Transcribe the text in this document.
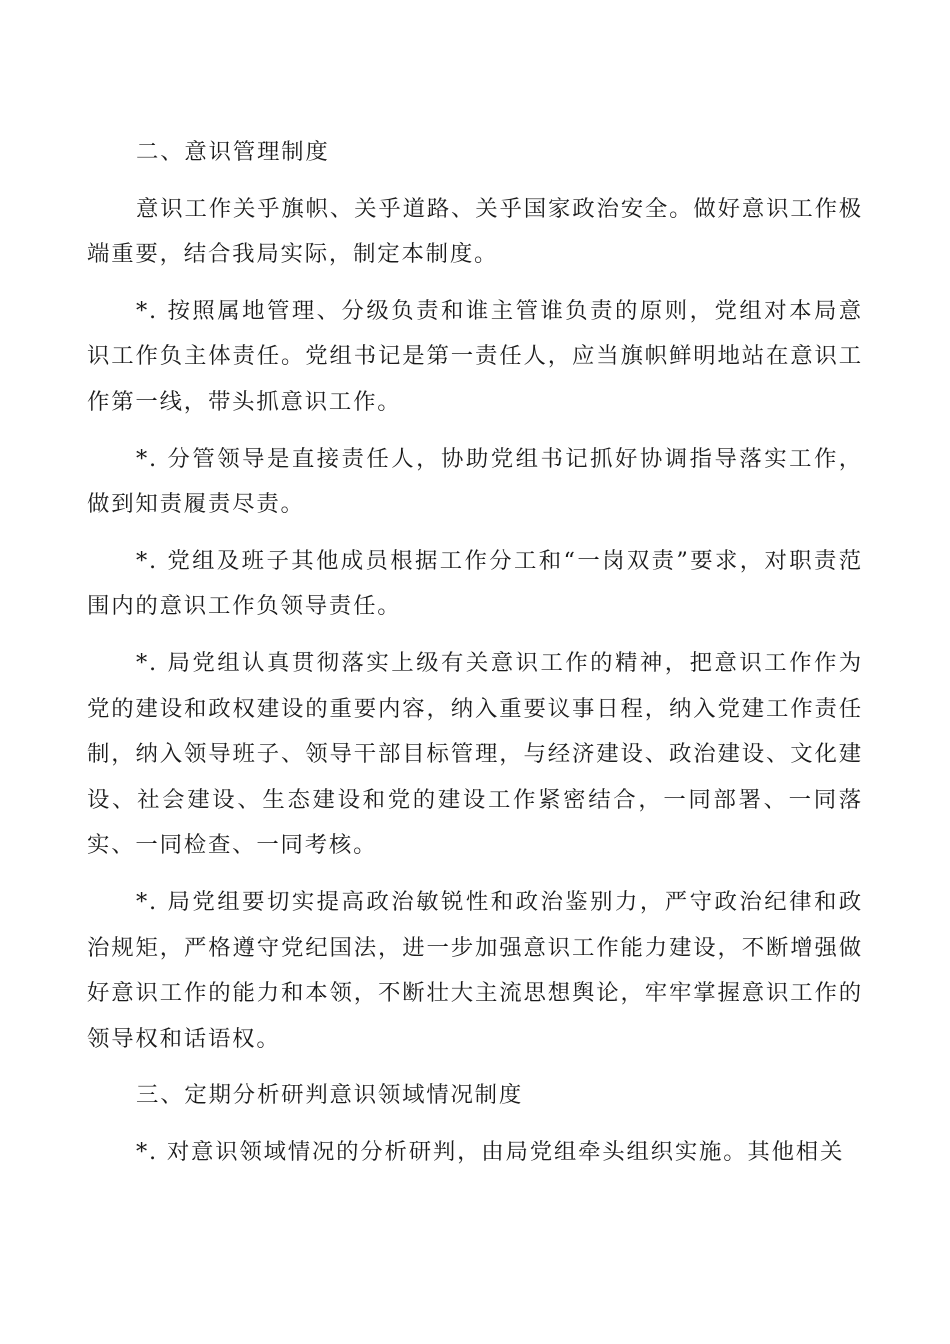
二、意识管理制度

意识工作关乎旗帜、关乎道路、关乎国家政治安全。做好意识工作极端重要，结合我局实际，制定本制度。

*. 按照属地管理、分级负责和谁主管谁负责的原则，党组对本局意识工作负主体责任。党组书记是第一责任人，应当旗帜鲜明地站在意识工作第一线，带头抓意识工作。

*. 分管领导是直接责任人，协助党组书记抓好协调指导落实工作，做到知责履责尽责。

*. 党组及班子其他成员根据工作分工和“一岗双责”要求，对职责范围内的意识工作负领导责任。

*. 局党组认真贯彻落实上级有关意识工作的精神，把意识工作作为党的建设和政权建设的重要内容，纳入重要议事日程，纳入党建工作责任制，纳入领导班子、领导干部目标管理，与经济建设、政治建设、文化建设、社会建设、生态建设和党的建设工作紧密结合，一同部署、一同落实、一同检查、一同考核。

*. 局党组要切实提高政治敏锐性和政治鉴别力，严守政治纪律和政治规矩，严格遵守党纪国法，进一步加强意识工作能力建设，不断增强做好意识工作的能力和本领，不断壮大主流思想舆论，牢牢掌握意识工作的领导权和话语权。

三、定期分析研判意识领域情况制度

*. 对意识领域情况的分析研判，由局党组牵头组织实施。其他相关
